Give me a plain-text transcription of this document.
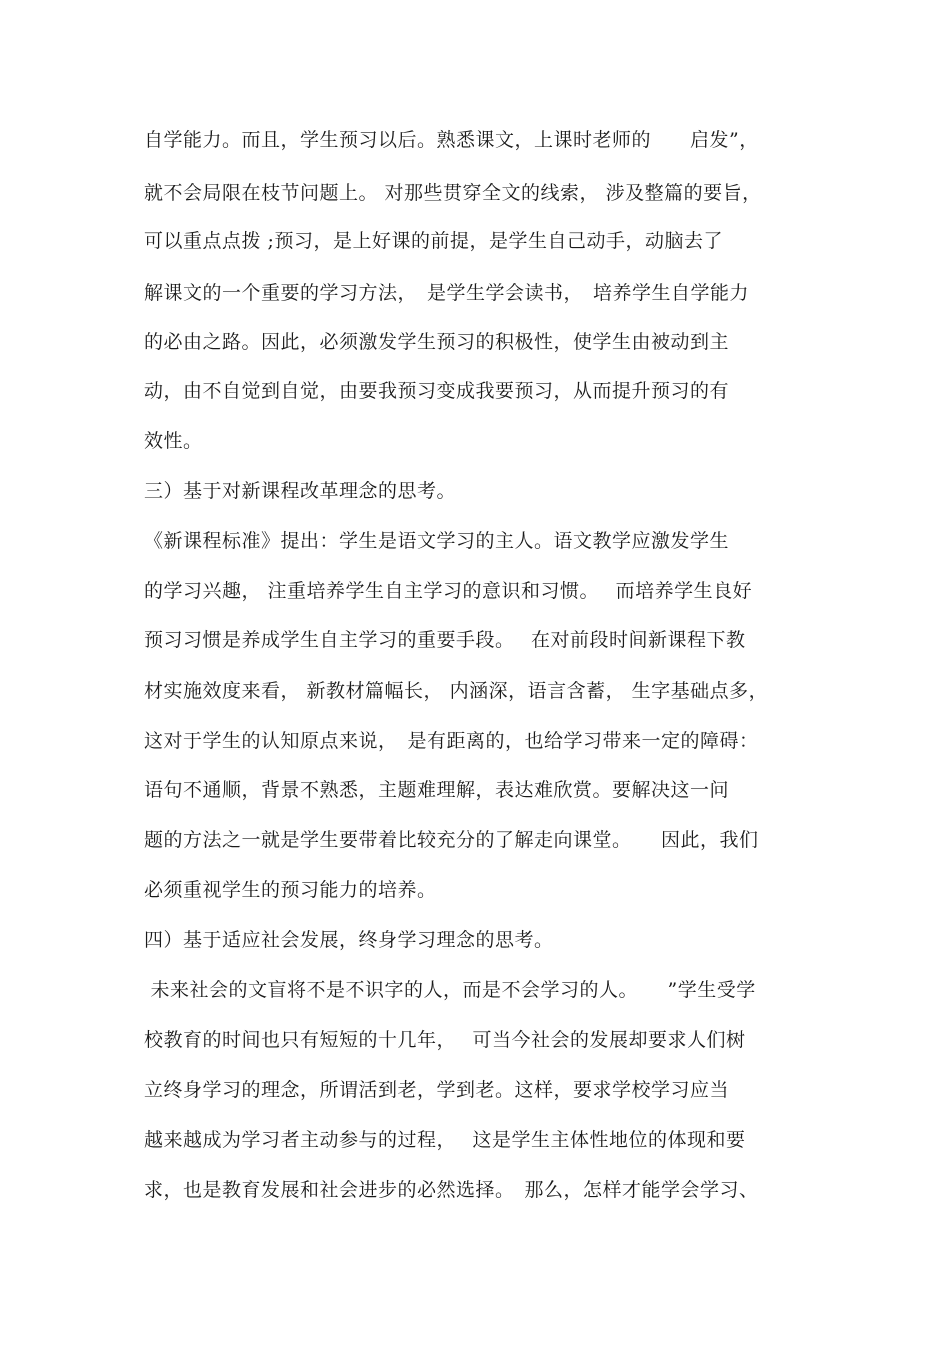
自学能力。而且，学生预习以后。熟悉课文，上课时老师的　　启发”，
就不会局限在枝节问题上。 对那些贯穿全文的线索， 涉及整篇的要旨，
可以重点点拨 ;预习，是上好课的前提，是学生自己动手，动脑去了
解课文的一个重要的学习方法，　是学生学会读书，　培养学生自学能力
的必由之路。因此，必须激发学生预习的积极性，使学生由被动到主
动，由不自觉到自觉，由要我预习变成我要预习，从而提升预习的有
效性。
三）基于对新课程改革理念的思考。
《新课程标准》提出：学生是语文学习的主人。语文教学应激发学生
的学习兴趣， 注重培养学生自主学习的意识和习惯。　 而培养学生良好
预习习惯是养成学生自主学习的重要手段。　 在对前段时间新课程下教
材实施效度来看， 新教材篇幅长， 内涵深，语言含蓄， 生字基础点多，
这对于学生的认知原点来说，　是有距离的，也给学习带来一定的障碍：
语句不通顺，背景不熟悉，主题难理解，表达难欣赏。要解决这一问
题的方法之一就是学生要带着比较充分的了解走向课堂。　　因此，我们
必须重视学生的预习能力的培养。
四）基于适应社会发展，终身学习理念的思考。
未来社会的文盲将不是不识字的人，而是不会学习的人。　　”学生受学
校教育的时间也只有短短的十几年，　 可当今社会的发展却要求人们树
立终身学习的理念，所谓活到老，学到老。这样，要求学校学习应当
越来越成为学习者主动参与的过程，　 这是学生主体性地位的体现和要
求，也是教育发展和社会进步的必然选择。　那么，怎样才能学会学习、
